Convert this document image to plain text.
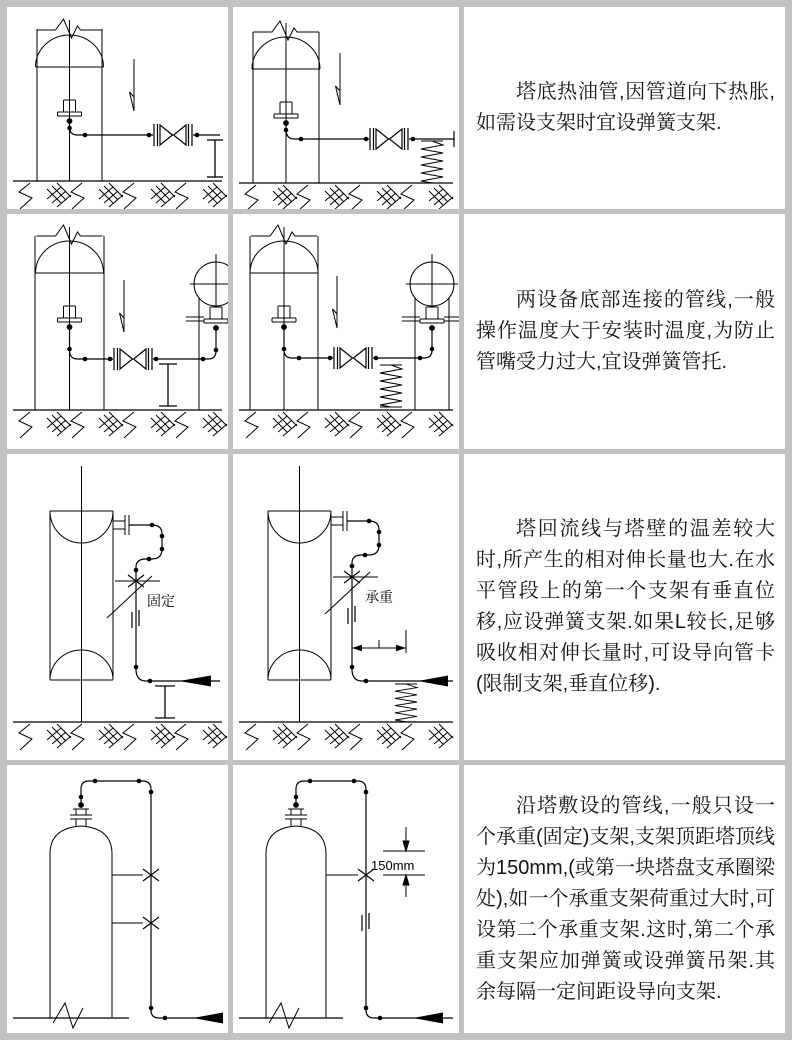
塔底热油管,因管道向下热胀,如需设支架时宜设弹簧支架.

两设备底部连接的管线,一般操作温度大于安装时温度,为防止管嘴受力过大,宜设弹簧管托.

固定	承重

塔回流线与塔壁的温差较大时,所产生的相对伸长量也大.在水平管段上的第一个支架有垂直位移,应设弹簧支架.如果L较长,足够吸收相对伸长量时,可设导向管卡(限制支架,垂直位移).

150mm

沿塔敷设的管线,一般只设一个承重(固定)支架,支架顶距塔顶线为150mm,(或第一块塔盘支承圈梁处),如一个承重支架荷重过大时,可设第二个承重支架.这时,第二个承重支架应加弹簧或设弹簧吊架.其余每隔一定间距设导向支架.
